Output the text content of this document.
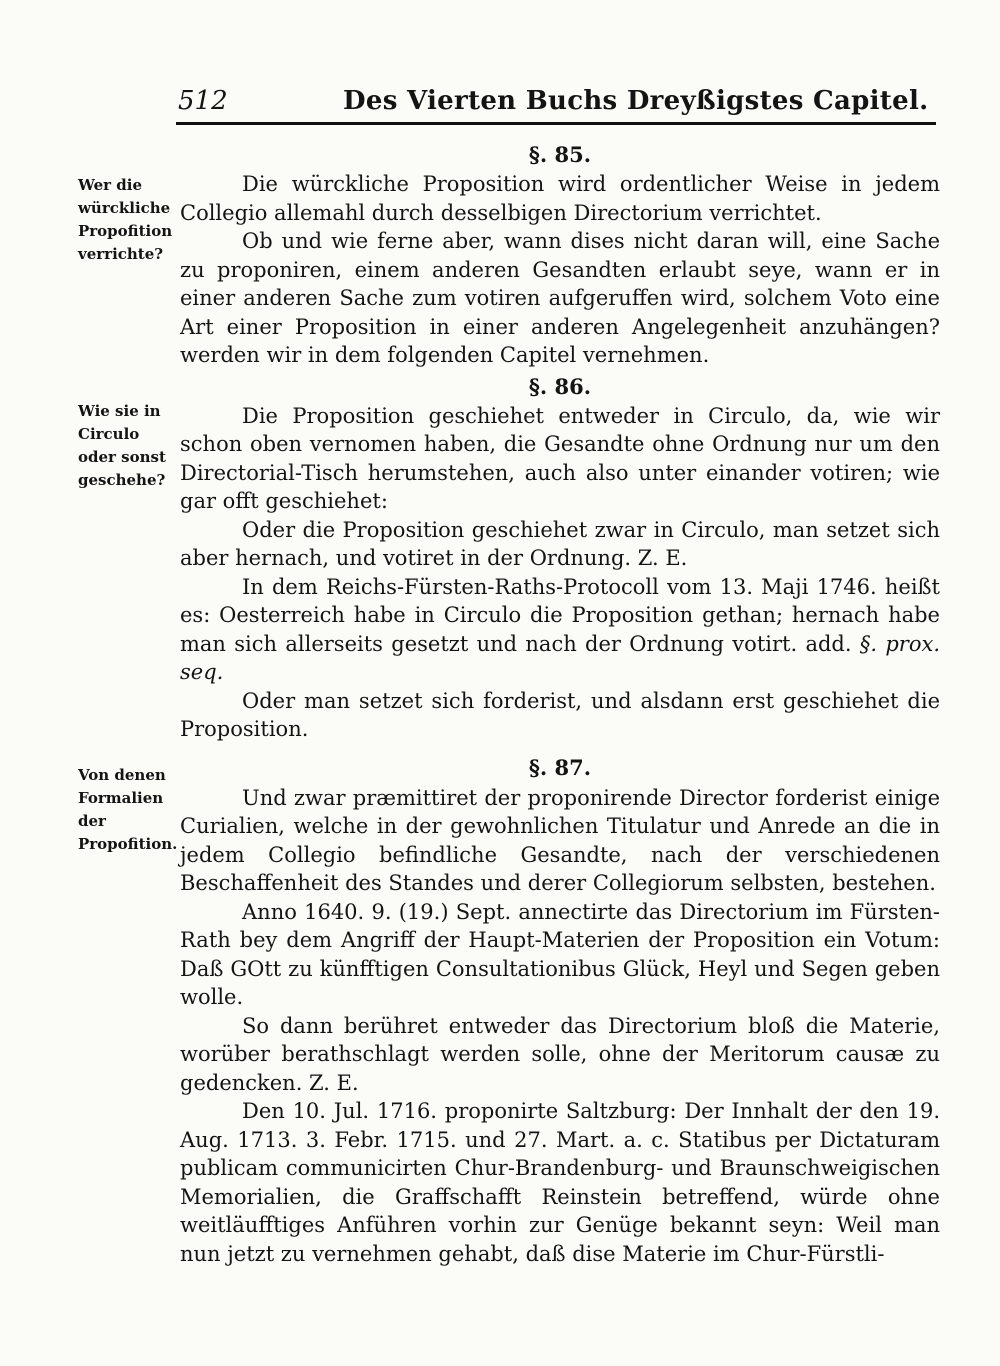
512	Des Vierten Buchs Dreyßigstes Capitel.
Wer die würckliche Propofition verrichte?
Wie sie in Circulo oder sonst geschehe?
Von denen Formalien der Propofition.

§. 85.

Die würckliche Proposition wird ordentlicher Weise in jedem Collegio allemahl durch desselbigen Directorium verrichtet.

Ob und wie ferne aber, wann dises nicht daran will, eine Sache zu proponiren, einem anderen Gesandten erlaubt seye, wann er in einer anderen Sache zum votiren aufgeruffen wird, solchem Voto eine Art einer Proposition in einer anderen Angelegenheit anzuhängen? werden wir in dem folgenden Capitel vernehmen.

§. 86.

Die Proposition geschiehet entweder in Circulo, da, wie wir schon oben vernomen haben, die Gesandte ohne Ordnung nur um den Directorial-Tisch herumstehen, auch also unter einander votiren; wie gar offt geschiehet:

Oder die Proposition geschiehet zwar in Circulo, man setzet sich aber hernach, und votiret in der Ordnung. Z. E.

In dem Reichs-Fürsten-Raths-Protocoll vom 13. Maji 1746. heißt es: Oesterreich habe in Circulo die Proposition gethan; hernach habe man sich allerseits gesetzt und nach der Ordnung votirt. add. §. prox. seq.

Oder man setzet sich forderist, und alsdann erst geschiehet die Proposition.

§. 87.

Und zwar præmittiret der proponirende Director forderist einige Curialien, welche in der gewohnlichen Titulatur und Anrede an die in jedem Collegio befindliche Gesandte, nach der verschiedenen Beschaffenheit des Standes und derer Collegiorum selbsten, bestehen.

Anno 1640. 9. (19.) Sept. annectirte das Directorium im Fürsten-Rath bey dem Angriff der Haupt-Materien der Proposition ein Votum: Daß GOtt zu künfftigen Consultationibus Glück, Heyl und Segen geben wolle.

So dann berühret entweder das Directorium bloß die Materie, worüber berathschlagt werden solle, ohne der Meritorum causæ zu gedencken. Z. E.

Den 10. Jul. 1716. proponirte Saltzburg: Der Innhalt der den 19. Aug. 1713. 3. Febr. 1715. und 27. Mart. a. c. Statibus per Dictaturam publicam communicirten Chur-Brandenburg- und Braunschweigischen Memorialien, die Graffschafft Reinstein betreffend, würde ohne weitläufftiges Anführen vorhin zur Genüge bekannt seyn: Weil man nun jetzt zu vernehmen gehabt, daß dise Materie im Chur-Fürstli-
